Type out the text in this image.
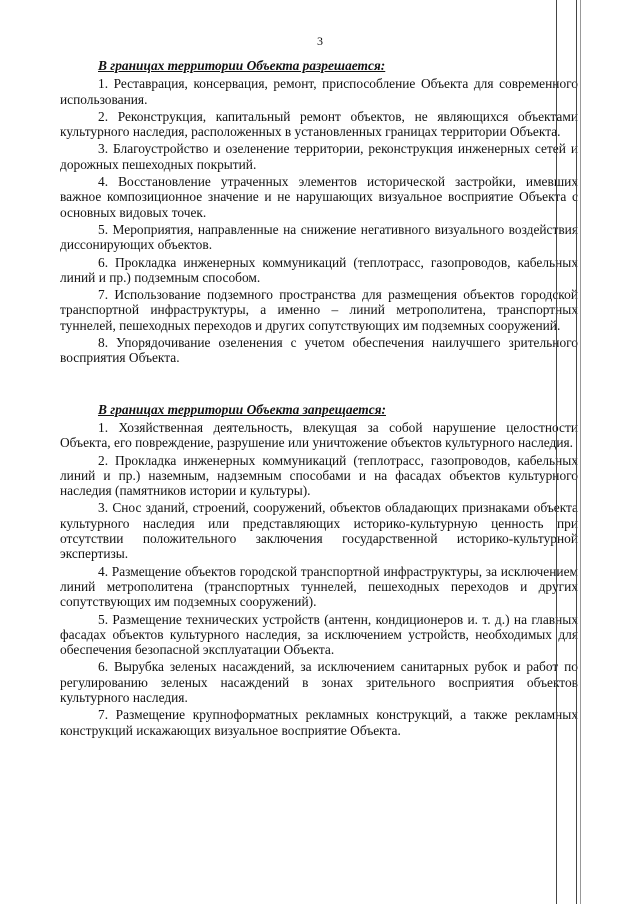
3

В границах территории Объекта разрешается:

1. Реставрация, консервация, ремонт, приспособление Объекта для современного использования.

2. Реконструкция, капитальный ремонт объектов, не являющихся объектами культурного наследия, расположенных в установленных границах территории Объекта.

3. Благоустройство и озеленение территории, реконструкция инженерных сетей и дорожных пешеходных покрытий.

4. Восстановление утраченных элементов исторической застройки, имевших важное композиционное значение и не нарушающих визуальное восприятие Объекта с основных видовых точек.

5. Мероприятия, направленные на снижение негативного визуального воздействия диссонирующих объектов.

6. Прокладка инженерных коммуникаций (теплотрасс, газопроводов, кабельных линий и пр.) подземным способом.

7. Использование подземного пространства для размещения объектов городской транспортной инфраструктуры, а именно – линий метрополитена, транспортных туннелей, пешеходных переходов и других сопутствующих им подземных сооружений.

8. Упорядочивание озеленения с учетом обеспечения наилучшего зрительного восприятия Объекта.

В границах территории Объекта запрещается:

1. Хозяйственная деятельность, влекущая за собой нарушение целостности Объекта, его повреждение, разрушение или уничтожение объектов культурного наследия.

2. Прокладка инженерных коммуникаций (теплотрасс, газопроводов, кабельных линий и пр.) наземным, надземным способами и на фасадах объектов культурного наследия (памятников истории и культуры).

3. Снос зданий, строений, сооружений, объектов обладающих признаками объекта культурного наследия или представляющих историко-культурную ценность при отсутствии положительного заключения государственной историко-культурной экспертизы.

4. Размещение объектов городской транспортной инфраструктуры, за исключением линий метрополитена (транспортных туннелей, пешеходных переходов и других сопутствующих им подземных сооружений).

5. Размещение технических устройств (антенн, кондиционеров и. т. д.) на главных фасадах объектов культурного наследия, за исключением устройств, необходимых для обеспечения безопасной эксплуатации Объекта.

6. Вырубка зеленых насаждений, за исключением санитарных рубок и работ по регулированию зеленых насаждений в зонах зрительного восприятия объектов культурного наследия.

7. Размещение крупноформатных рекламных конструкций, а также рекламных конструкций искажающих визуальное восприятие Объекта.
